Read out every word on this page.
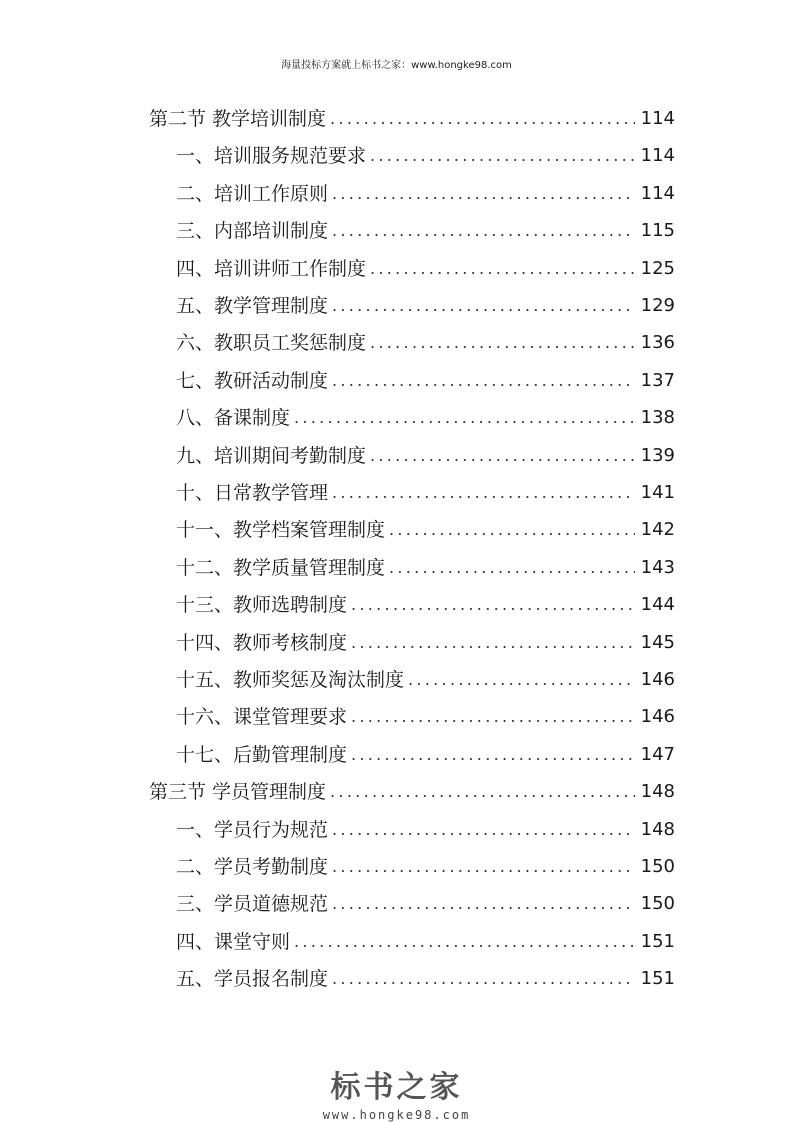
海量投标方案就上标书之家：www.hongke98.com
第二节 教学培训制度 .....	114
一、培训服务规范要求 .....	114
二、培训工作原则 .....	114
三、内部培训制度 .....	115
四、培训讲师工作制度 .....	125
五、教学管理制度 .....	129
六、教职员工奖惩制度 .....	136
七、教研活动制度 .....	137
八、备课制度 .....	138
九、培训期间考勤制度 .....	139
十、日常教学管理 .....	141
十一、教学档案管理制度 .....	142
十二、教学质量管理制度 .....	143
十三、教师选聘制度 .....	144
十四、教师考核制度 .....	145
十五、教师奖惩及淘汰制度 .....	146
十六、课堂管理要求 .....	146
十七、后勤管理制度 .....	147
第三节 学员管理制度 .....	148
一、学员行为规范 .....	148
二、学员考勤制度 .....	150
三、学员道德规范 .....	150
四、课堂守则 .....	151
五、学员报名制度 .....	151
标书之家
www.hongke98.com
